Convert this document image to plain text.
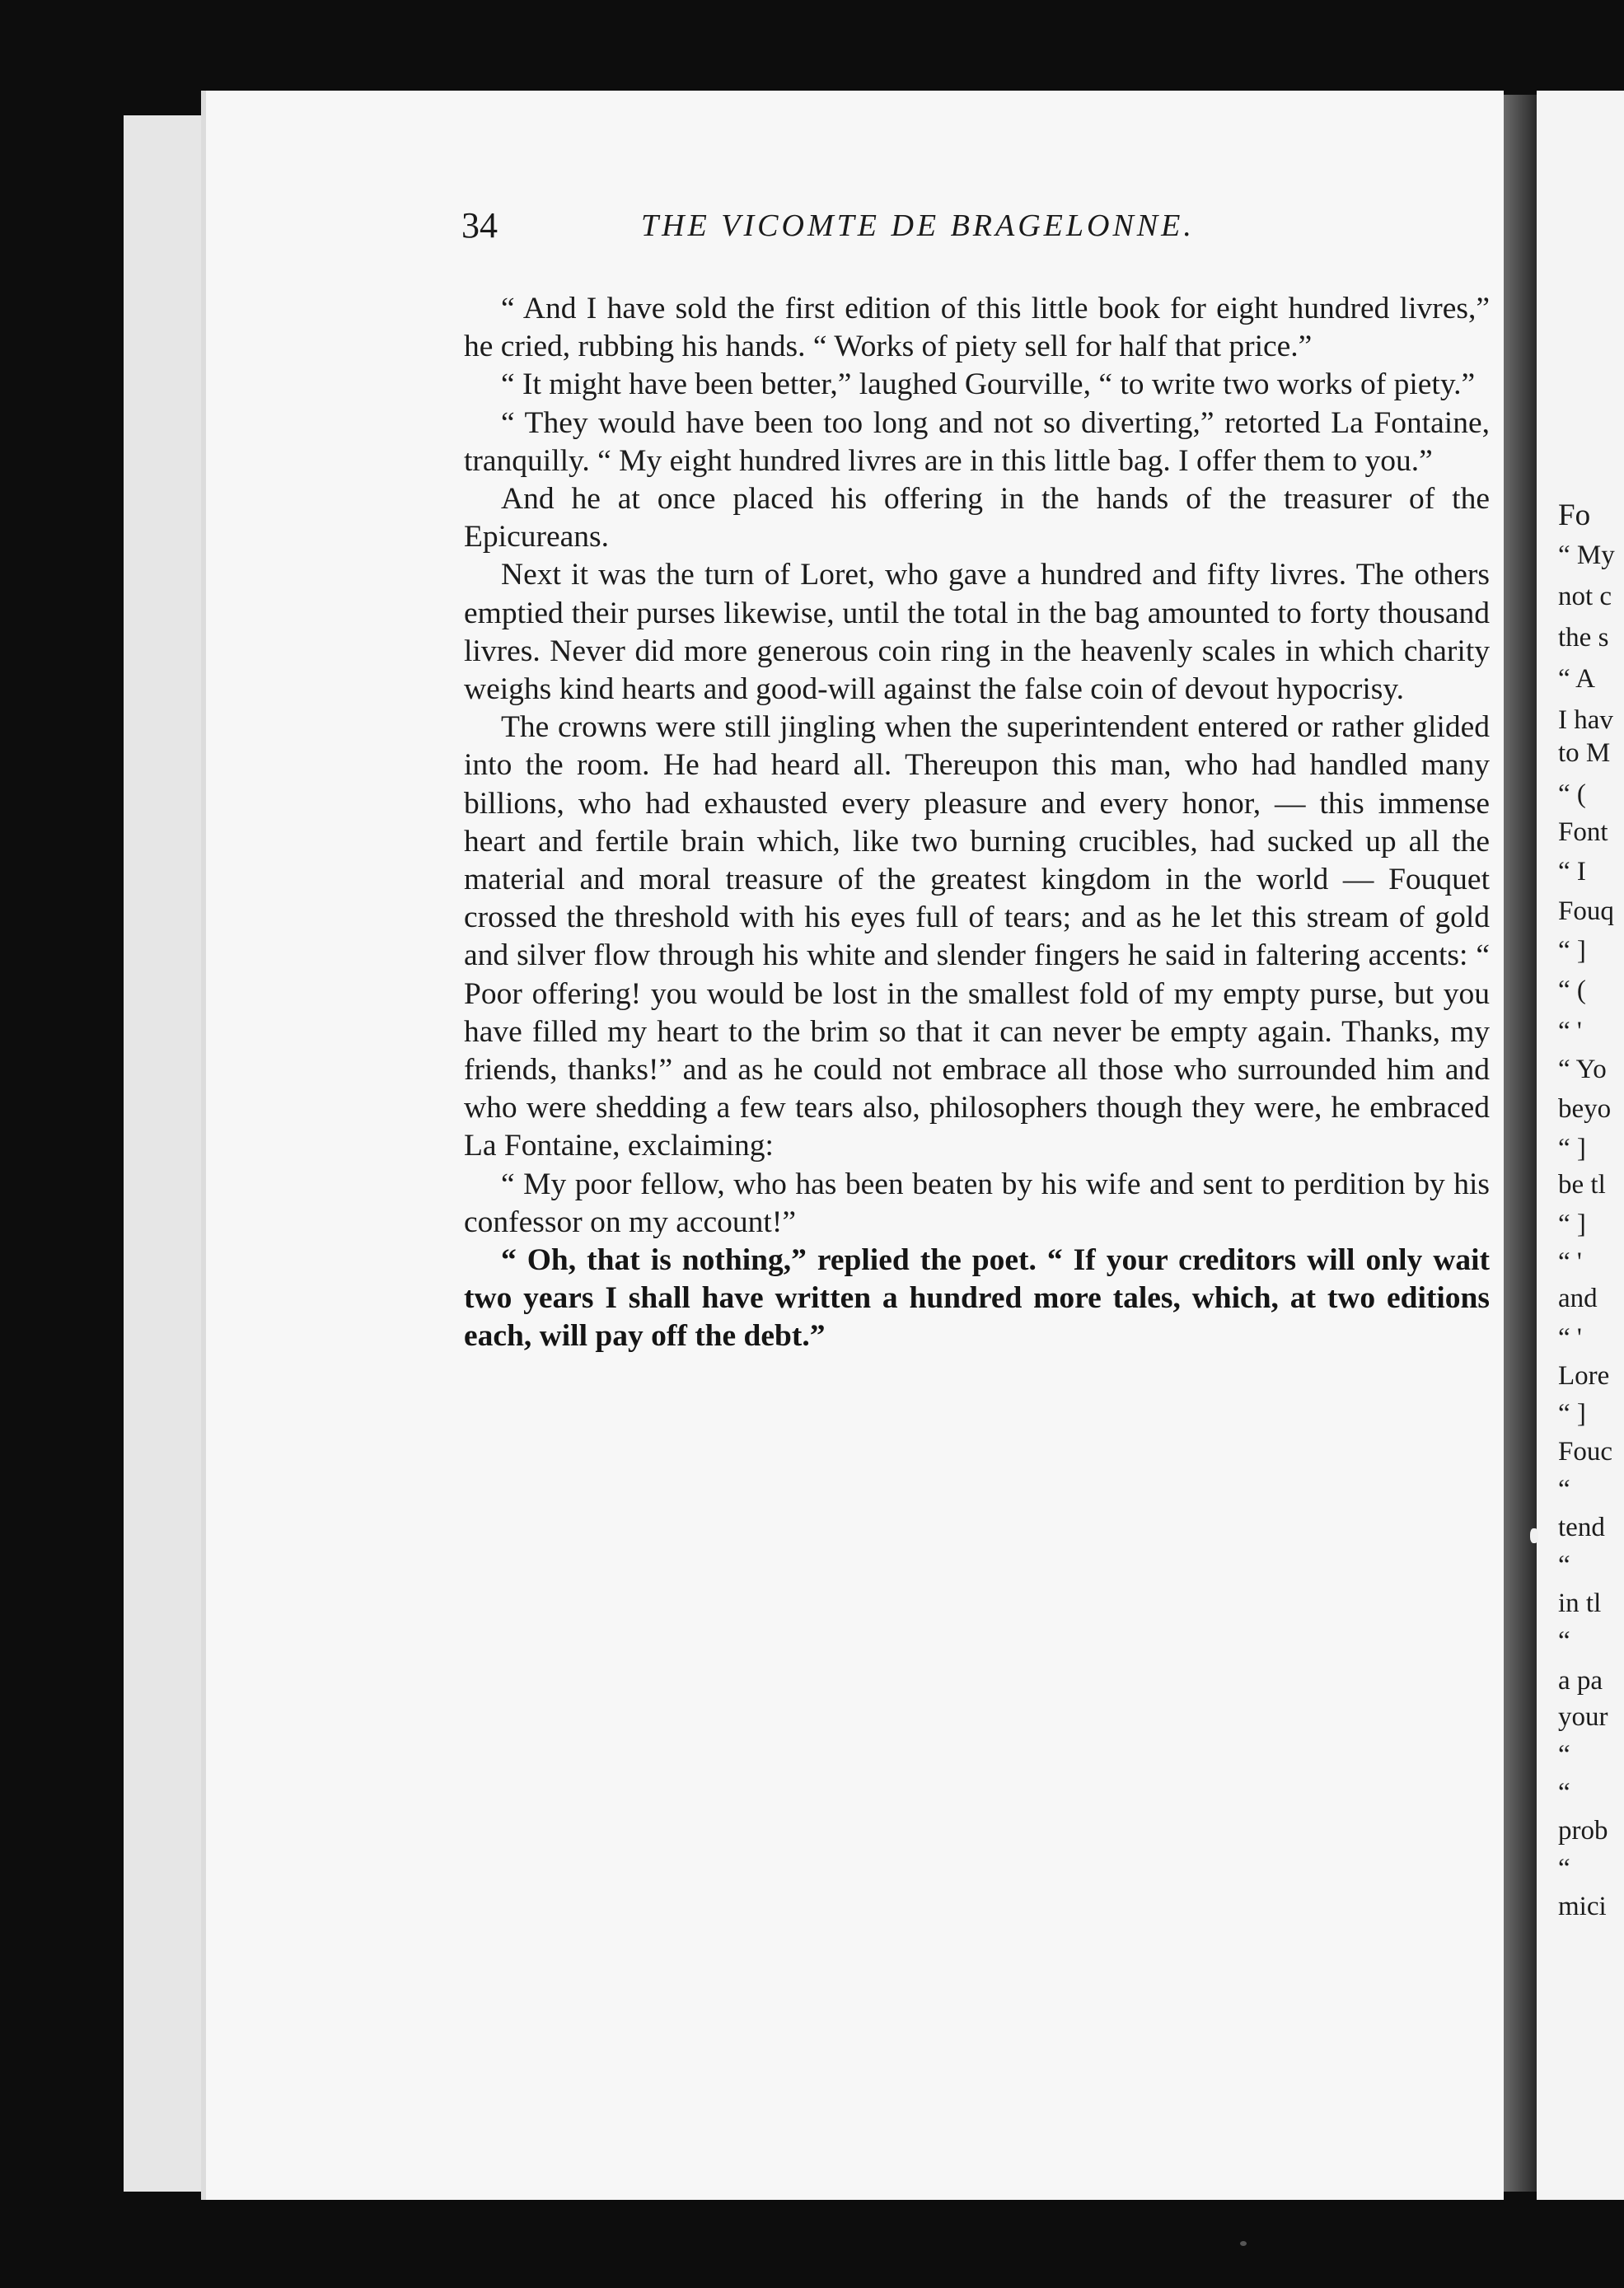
Fo
“ My
not c
the s
“ A
I hav
to M
“ (
Font
“ I
Fouq
“ ]
“ (
“ '
“ Yo
beyo
“ ]
be tl
“ ]
“ '
and
“ '
Lore
“ ]
Fouc
“
tend
“
in tl
“
a pa
your
“
“
prob
“
mici
34	THE VICOMTE DE BRAGELONNE.

“ And I have sold the first edition of this little book for eight hundred livres,” he cried, rubbing his hands. “ Works of piety sell for half that price.”

“ It might have been better,” laughed Gourville, “ to write two works of piety.”

“ They would have been too long and not so diverting,” retorted La Fontaine, tranquilly. “ My eight hundred livres are in this little bag. I offer them to you.”

And he at once placed his offering in the hands of the treasurer of the Epicureans.

Next it was the turn of Loret, who gave a hundred and fifty livres. The others emptied their purses likewise, until the total in the bag amounted to forty thousand livres. Never did more generous coin ring in the heavenly scales in which charity weighs kind hearts and good-will against the false coin of devout hypocrisy.

The crowns were still jingling when the superintendent entered or rather glided into the room. He had heard all. Thereupon this man, who had handled many billions, who had exhausted every pleasure and every honor, — this immense heart and fertile brain which, like two burning crucibles, had sucked up all the material and moral treasure of the greatest kingdom in the world — Fouquet crossed the threshold with his eyes full of tears; and as he let this stream of gold and silver flow through his white and slender fingers he said in faltering accents: “ Poor offering! you would be lost in the smallest fold of my empty purse, but you have filled my heart to the brim so that it can never be empty again. Thanks, my friends, thanks!” and as he could not embrace all those who surrounded him and who were shedding a few tears also, philosophers though they were, he embraced La Fontaine, exclaiming:

“ My poor fellow, who has been beaten by his wife and sent to perdition by his confessor on my account!”

“ Oh, that is nothing,” replied the poet. “ If your creditors will only wait two years I shall have written a hundred more tales, which, at two editions each, will pay off the debt.”
